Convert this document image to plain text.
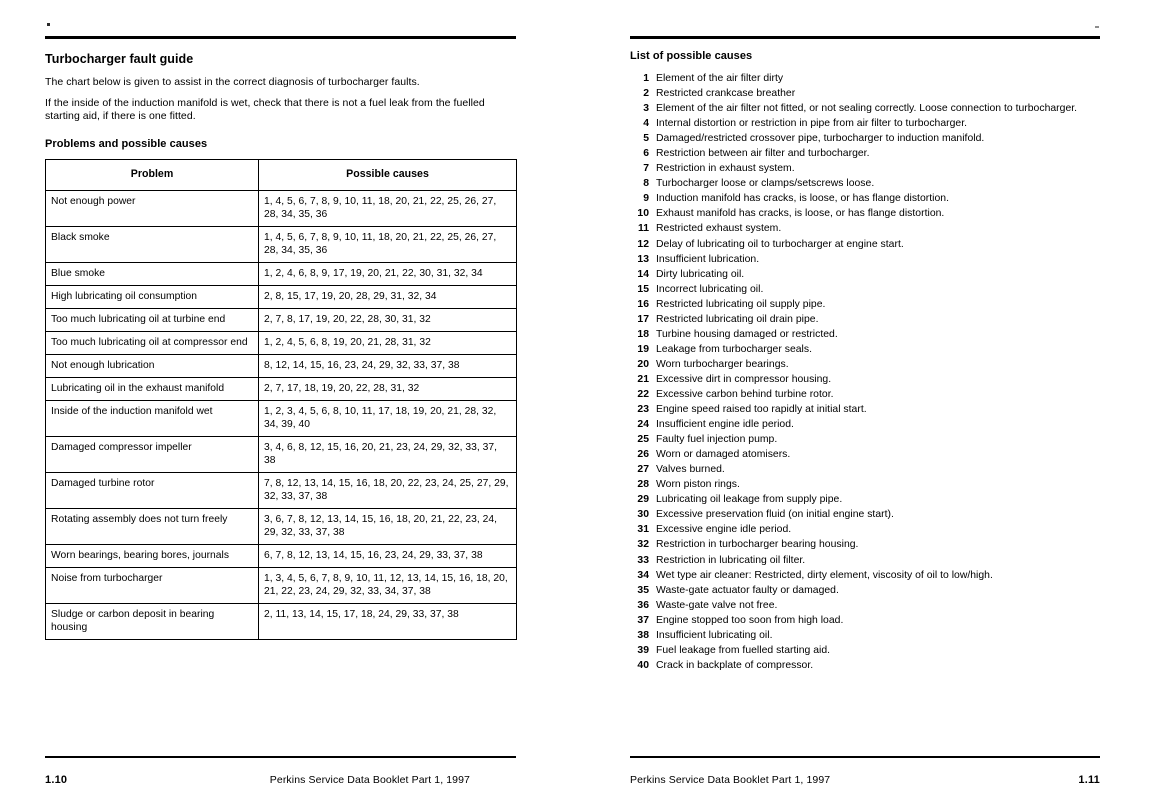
Turbocharger fault guide

The chart below is given to assist in the correct diagnosis of turbocharger faults.

If the inside of the induction manifold is wet, check that there is not a fuel leak from the fuelled starting aid, if there is one fitted.

Problems and possible causes
Problem	Possible causes
Not enough power	1, 4, 5, 6, 7, 8, 9, 10, 11, 18, 20, 21, 22, 25, 26, 27, 28, 34, 35, 36
Black smoke	1, 4, 5, 6, 7, 8, 9, 10, 11, 18, 20, 21, 22, 25, 26, 27, 28, 34, 35, 36
Blue smoke	1, 2, 4, 6, 8, 9, 17, 19, 20, 21, 22, 30, 31, 32, 34
High lubricating oil consumption	2, 8, 15, 17, 19, 20, 28, 29, 31, 32, 34
Too much lubricating oil at turbine end	2, 7, 8, 17, 19, 20, 22, 28, 30, 31, 32
Too much lubricating oil at compressor end	1, 2, 4, 5, 6, 8, 19, 20, 21, 28, 31, 32
Not enough lubrication	8, 12, 14, 15, 16, 23, 24, 29, 32, 33, 37, 38
Lubricating oil in the exhaust manifold	2, 7, 17, 18, 19, 20, 22, 28, 31, 32
Inside of the induction manifold wet	1, 2, 3, 4, 5, 6, 8, 10, 11, 17, 18, 19, 20, 21, 28, 32, 34, 39, 40
Damaged compressor impeller	3, 4, 6, 8, 12, 15, 16, 20, 21, 23, 24, 29, 32, 33, 37, 38
Damaged turbine rotor	7, 8, 12, 13, 14, 15, 16, 18, 20, 22, 23, 24, 25, 27, 29, 32, 33, 37, 38
Rotating assembly does not turn freely	3, 6, 7, 8, 12, 13, 14, 15, 16, 18, 20, 21, 22, 23, 24, 29, 32, 33, 37, 38
Worn bearings, bearing bores, journals	6, 7, 8, 12, 13, 14, 15, 16, 23, 24, 29, 33, 37, 38
Noise from turbocharger	1, 3, 4, 5, 6, 7, 8, 9, 10, 11, 12, 13, 14, 15, 16, 18, 20, 21, 22, 23, 24, 29, 32, 33, 34, 37, 38
Sludge or carbon deposit in bearing housing	2, 11, 13, 14, 15, 17, 18, 24, 29, 33, 37, 38
1.10	Perkins Service Data Booklet Part 1, 1997
List of possible causes
1 Element of the air filter dirty
2 Restricted crankcase breather
3 Element of the air filter not fitted, or not sealing correctly. Loose connection to turbocharger.
4 Internal distortion or restriction in pipe from air filter to turbocharger.
5 Damaged/restricted crossover pipe, turbocharger to induction manifold.
6 Restriction between air filter and turbocharger.
7 Restriction in exhaust system.
8 Turbocharger loose or clamps/setscrews loose.
9 Induction manifold has cracks, is loose, or has flange distortion.
10 Exhaust manifold has cracks, is loose, or has flange distortion.
11 Restricted exhaust system.
12 Delay of lubricating oil to turbocharger at engine start.
13 Insufficient lubrication.
14 Dirty lubricating oil.
15 Incorrect lubricating oil.
16 Restricted lubricating oil supply pipe.
17 Restricted lubricating oil drain pipe.
18 Turbine housing damaged or restricted.
19 Leakage from turbocharger seals.
20 Worn turbocharger bearings.
21 Excessive dirt in compressor housing.
22 Excessive carbon behind turbine rotor.
23 Engine speed raised too rapidly at initial start.
24 Insufficient engine idle period.
25 Faulty fuel injection pump.
26 Worn or damaged atomisers.
27 Valves burned.
28 Worn piston rings.
29 Lubricating oil leakage from supply pipe.
30 Excessive preservation fluid (on initial engine start).
31 Excessive engine idle period.
32 Restriction in turbocharger bearing housing.
33 Restriction in lubricating oil filter.
34 Wet type air cleaner: Restricted, dirty element, viscosity of oil to low/high.
35 Waste-gate actuator faulty or damaged.
36 Waste-gate valve not free.
37 Engine stopped too soon from high load.
38 Insufficient lubricating oil.
39 Fuel leakage from fuelled starting aid.
40 Crack in backplate of compressor.
Perkins Service Data Booklet Part 1, 1997	1.11
